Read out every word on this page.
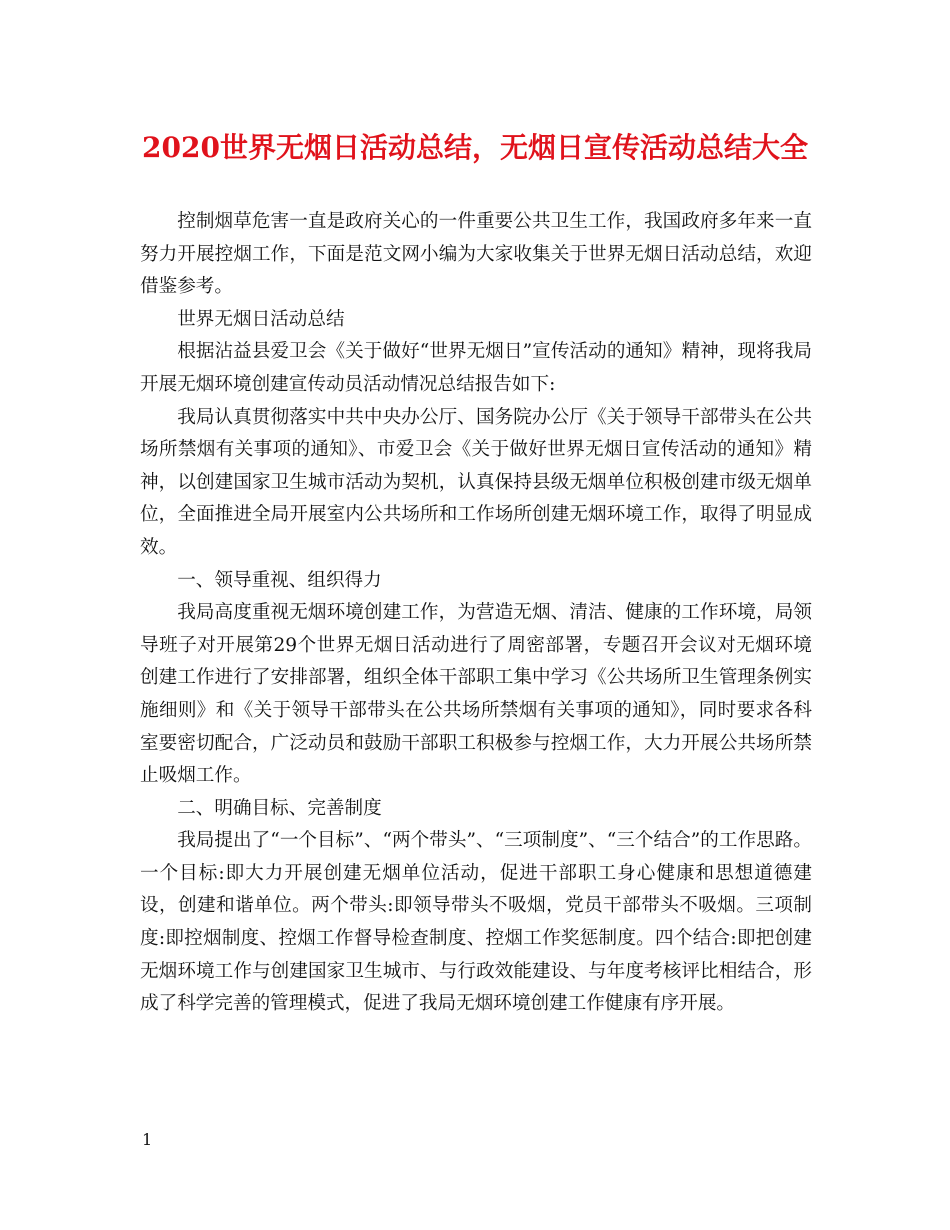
2020世界无烟日活动总结，无烟日宣传活动总结大全

控制烟草危害一直是政府关心的一件重要公共卫生工作，我国政府多年来一直努力开展控烟工作，下面是范文网小编为大家收集关于世界无烟日活动总结，欢迎借鉴参考。

世界无烟日活动总结

根据沾益县爱卫会《关于做好“世界无烟日”宣传活动的通知》精神，现将我局开展无烟环境创建宣传动员活动情况总结报告如下:

我局认真贯彻落实中共中央办公厅、国务院办公厅《关于领导干部带头在公共场所禁烟有关事项的通知》、市爱卫会《关于做好世界无烟日宣传活动的通知》精神，以创建国家卫生城市活动为契机，认真保持县级无烟单位积极创建市级无烟单位，全面推进全局开展室内公共场所和工作场所创建无烟环境工作，取得了明显成效。

一、领导重视、组织得力

我局高度重视无烟环境创建工作，为营造无烟、清洁、健康的工作环境，局领导班子对开展第29个世界无烟日活动进行了周密部署，专题召开会议对无烟环境创建工作进行了安排部署，组织全体干部职工集中学习《公共场所卫生管理条例实施细则》和《关于领导干部带头在公共场所禁烟有关事项的通知》，同时要求各科室要密切配合，广泛动员和鼓励干部职工积极参与控烟工作，大力开展公共场所禁止吸烟工作。

二、明确目标、完善制度

我局提出了“一个目标”、“两个带头”、“三项制度”、“三个结合”的工作思路。一个目标:即大力开展创建无烟单位活动，促进干部职工身心健康和思想道德建设，创建和谐单位。两个带头:即领导带头不吸烟，党员干部带头不吸烟。三项制度:即控烟制度、控烟工作督导检查制度、控烟工作奖惩制度。四个结合:即把创建无烟环境工作与创建国家卫生城市、与行政效能建设、与年度考核评比相结合，形成了科学完善的管理模式，促进了我局无烟环境创建工作健康有序开展。

1
